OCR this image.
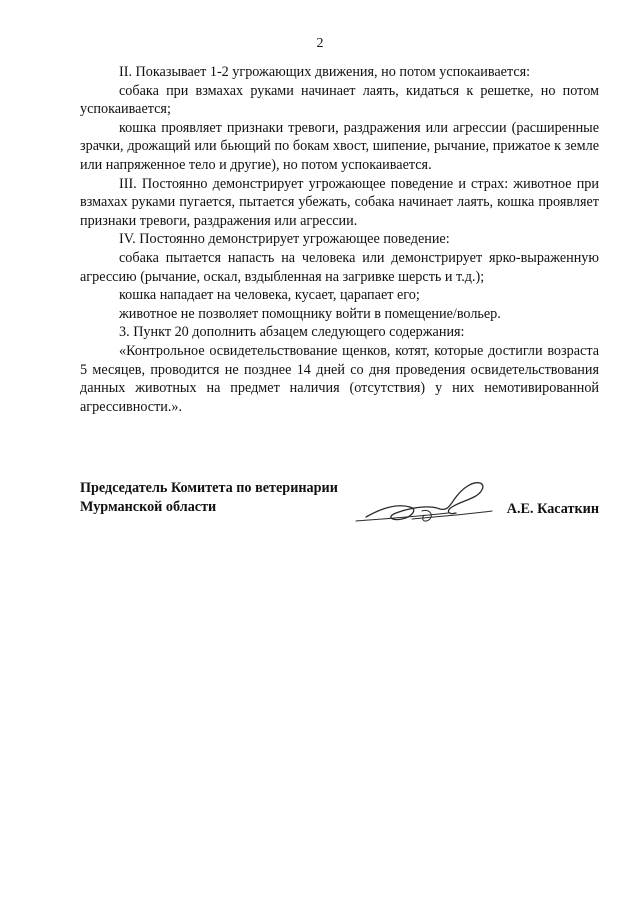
2

II. Показывает 1-2 угрожающих движения, но потом успокаивается:

собака при взмахах руками начинает лаять, кидаться к решетке, но потом успокаивается;

кошка проявляет признаки тревоги, раздражения или агрессии (расширенные зрачки, дрожащий или бьющий по бокам хвост, шипение, рычание, прижатое к земле или напряженное тело и другие), но потом успокаивается.

III. Постоянно демонстрирует угрожающее поведение и страх: животное при взмахах руками пугается, пытается убежать, собака начинает лаять, кошка проявляет признаки тревоги, раздражения или агрессии.

IV. Постоянно демонстрирует угрожающее поведение:

собака пытается напасть на человека или демонстрирует ярко-выраженную агрессию (рычание, оскал, вздыбленная на загривке шерсть и т.д.);

кошка нападает на человека, кусает, царапает его;

животное не позволяет помощнику войти в помещение/вольер.

3. Пункт 20 дополнить абзацем следующего содержания:

«Контрольное освидетельствование щенков, котят, которые достигли возраста 5 месяцев, проводится не позднее 14 дней со дня проведения освидетельствования данных животных на предмет наличия (отсутствия) у них немотивированной агрессивности.».

Председатель Комитета по ветеринарии
Мурманской области	А.Е. Касаткин
